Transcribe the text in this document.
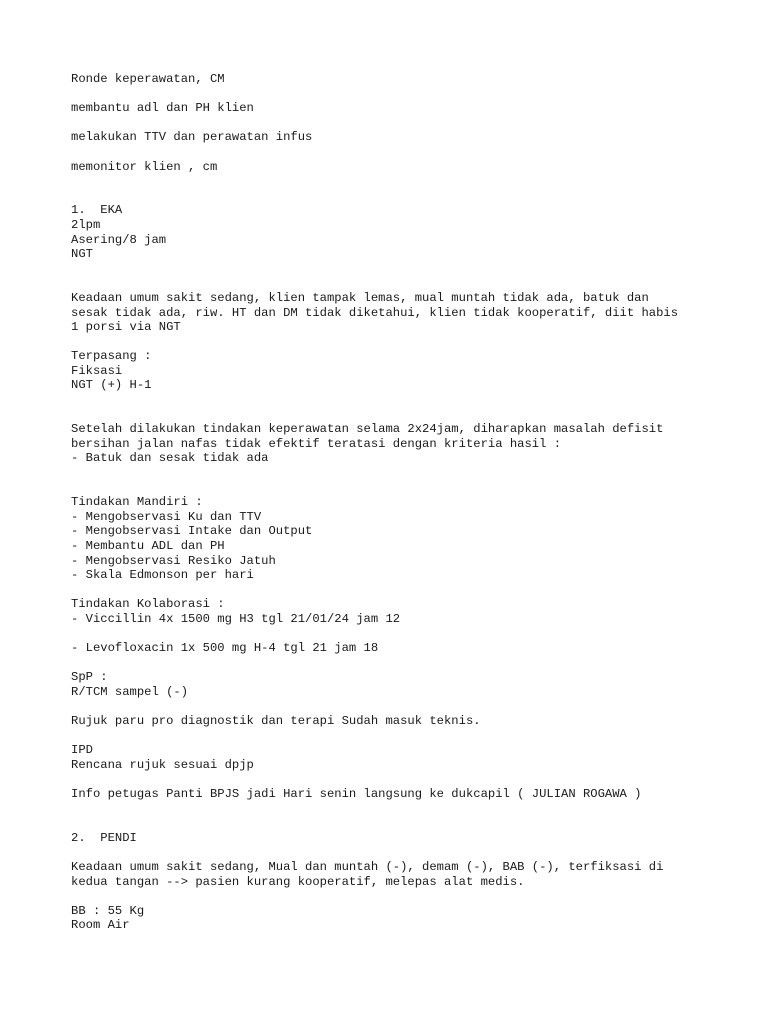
Ronde keperawatan, CM
membantu adl dan PH klien
melakukan TTV dan perawatan infus
memonitor klien , cm
1.  EKA
2lpm
Asering/8 jam
NGT
Keadaan umum sakit sedang, klien tampak lemas, mual muntah tidak ada, batuk dan
sesak tidak ada, riw. HT dan DM tidak diketahui, klien tidak kooperatif, diit habis
1 porsi via NGT
Terpasang :
Fiksasi
NGT (+) H-1
Setelah dilakukan tindakan keperawatan selama 2x24jam, diharapkan masalah defisit
bersihan jalan nafas tidak efektif teratasi dengan kriteria hasil :
- Batuk dan sesak tidak ada
Tindakan Mandiri :
- Mengobservasi Ku dan TTV
- Mengobservasi Intake dan Output
- Membantu ADL dan PH
- Mengobservasi Resiko Jatuh
- Skala Edmonson per hari
Tindakan Kolaborasi :
- Viccillin 4x 1500 mg H3 tgl 21/01/24 jam 12
- Levofloxacin 1x 500 mg H-4 tgl 21 jam 18
SpP :
R/TCM sampel (-)
Rujuk paru pro diagnostik dan terapi Sudah masuk teknis.
IPD
Rencana rujuk sesuai dpjp
Info petugas Panti BPJS jadi Hari senin langsung ke dukcapil ( JULIAN ROGAWA )
2.  PENDI
Keadaan umum sakit sedang, Mual dan muntah (-), demam (-), BAB (-), terfiksasi di
kedua tangan --> pasien kurang kooperatif, melepas alat medis.
BB : 55 Kg
Room Air
